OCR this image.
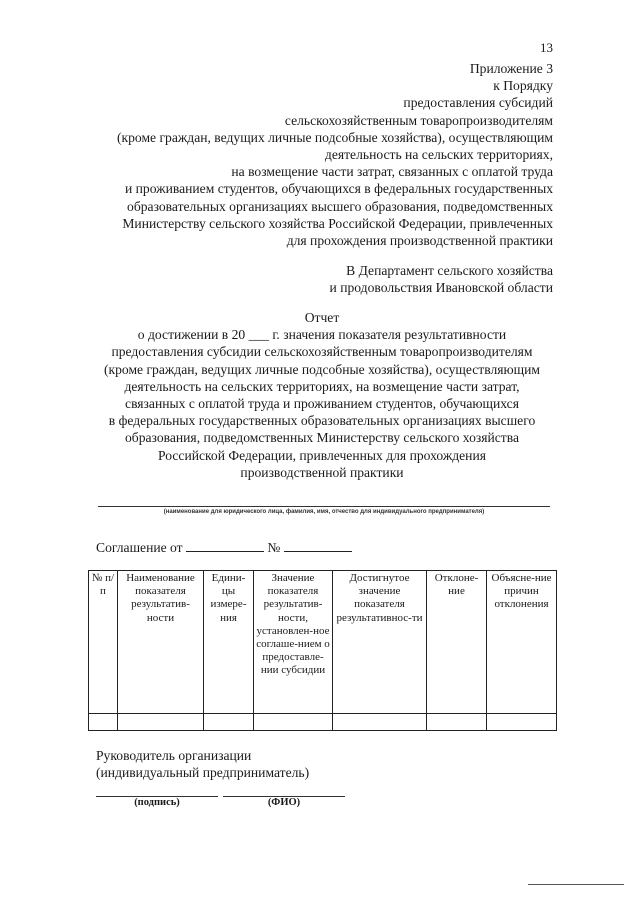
13
Приложение 3
к Порядку
предоставления субсидий
сельскохозяйственным товаропроизводителям
(кроме граждан, ведущих личные подсобные хозяйства), осуществляющим
деятельность на сельских территориях,
на возмещение части затрат, связанных с оплатой труда
и проживанием студентов, обучающихся в федеральных государственных
образовательных организациях высшего образования, подведомственных
Министерству сельского хозяйства Российской Федерации, привлеченных
для прохождения производственной практики
В Департамент сельского хозяйства
и продовольствия Ивановской области
Отчет
о достижении в 20 ___ г. значения показателя результативности
предоставления субсидии сельскохозяйственным товаропроизводителям
(кроме граждан, ведущих личные подсобные хозяйства), осуществляющим
деятельность на сельских территориях, на возмещение части затрат,
связанных с оплатой труда и проживанием студентов, обучающихся
в федеральных государственных образовательных организациях высшего
образования, подведомственных Министерству сельского хозяйства
Российской Федерации, привлеченных для прохождения
производственной практики
(наименование для юридического лица, фамилия, имя, отчество для индивидуального предпринимателя)
Соглашение от	№
№ п/п	Наименование показателя результатив-ности	Едини-цы измере-ния	Значение показателя результатив-ности, установлен-ное соглаше-нием о предоставле-нии субсидии	Достигнутое значение показателя результативнос-ти	Отклоне-ние	Объясне-ние причин отклонения

Руководитель организации
(индивидуальный предприниматель)
(подпись)	(ФИО)
